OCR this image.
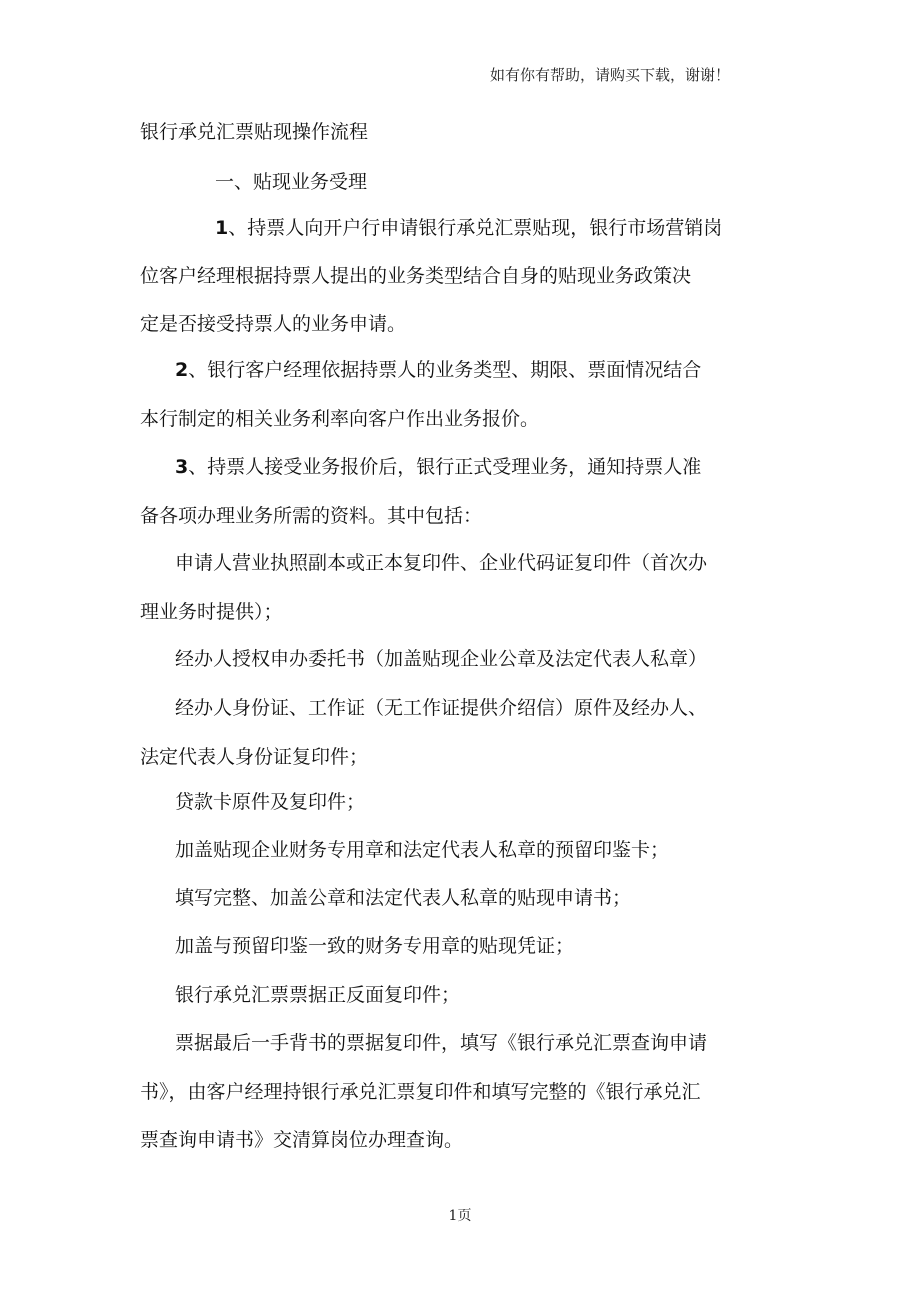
如有你有帮助，请购买下载，谢谢！
银行承兑汇票贴现操作流程
一、贴现业务受理
1、持票人向开户行申请银行承兑汇票贴现，银行市场营销岗
位客户经理根据持票人提出的业务类型结合自身的贴现业务政策决
定是否接受持票人的业务申请。
2、银行客户经理依据持票人的业务类型、期限、票面情况结合
本行制定的相关业务利率向客户作出业务报价。
3、持票人接受业务报价后，银行正式受理业务，通知持票人准
备各项办理业务所需的资料。其中包括：
申请人营业执照副本或正本复印件、企业代码证复印件（首次办
理业务时提供）；
经办人授权申办委托书（加盖贴现企业公章及法定代表人私章）
经办人身份证、工作证（无工作证提供介绍信）原件及经办人、
法定代表人身份证复印件；
贷款卡原件及复印件；
加盖贴现企业财务专用章和法定代表人私章的预留印鉴卡；
填写完整、加盖公章和法定代表人私章的贴现申请书；
加盖与预留印鉴一致的财务专用章的贴现凭证；
银行承兑汇票票据正反面复印件；
票据最后一手背书的票据复印件，填写《银行承兑汇票查询申请
书》，由客户经理持银行承兑汇票复印件和填写完整的《银行承兑汇
票查询申请书》交清算岗位办理查询。
1页
